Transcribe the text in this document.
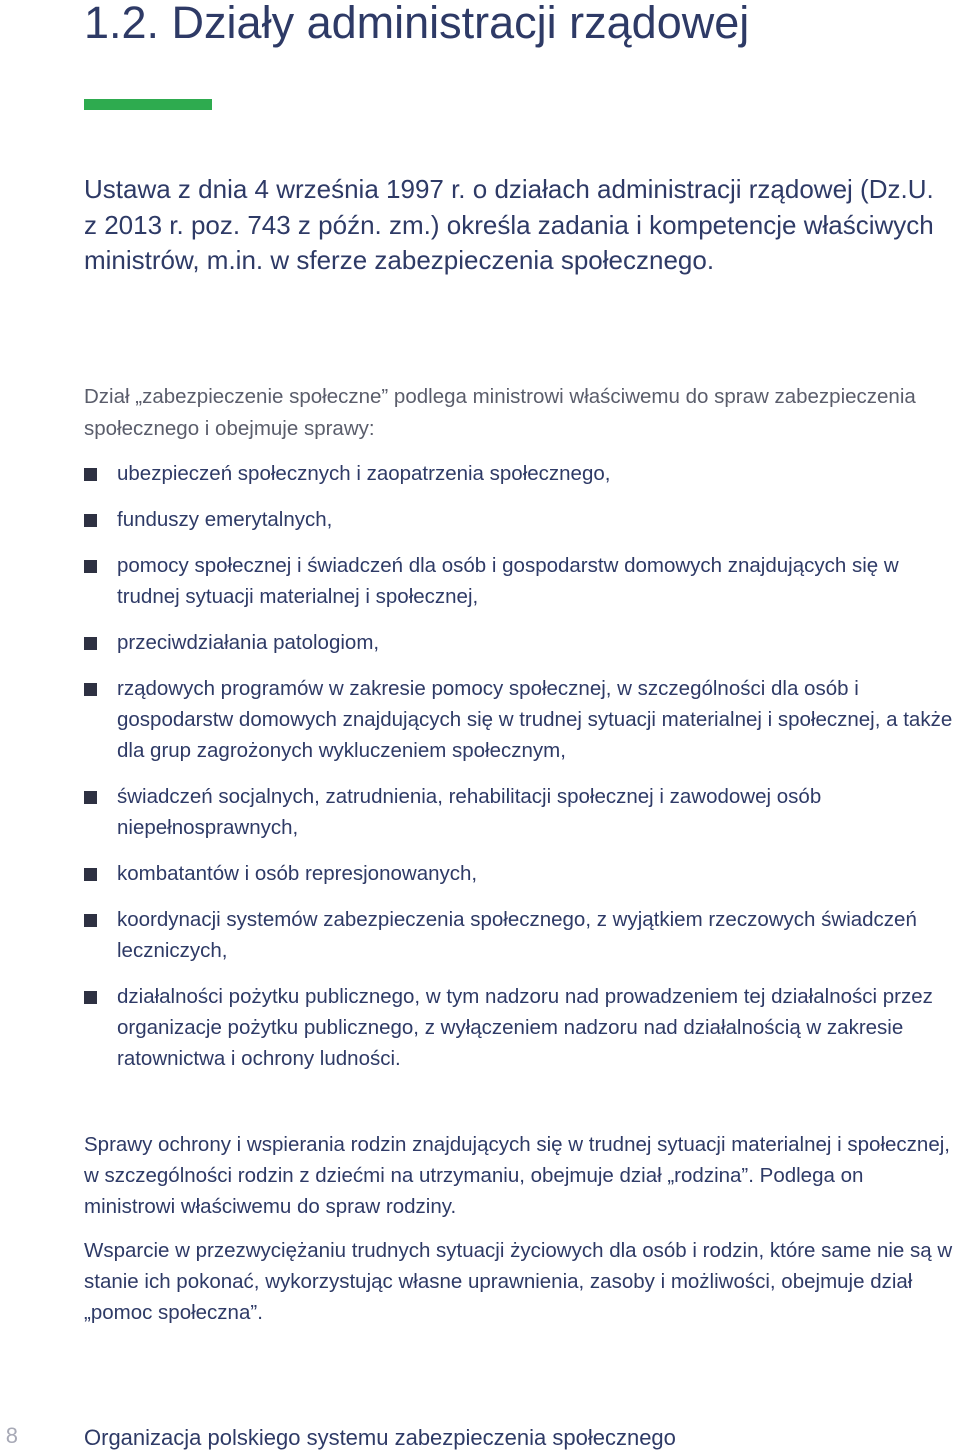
1.2. Działy administracji rządowej

Ustawa z dnia 4 września 1997 r. o działach administracji rządowej (Dz.U. z 2013 r. poz. 743 z późn. zm.) określa zadania i kompetencje właściwych ministrów, m.in. w sferze zabezpieczenia społecznego.

Dział „zabezpieczenie społeczne” podlega ministrowi właściwemu do spraw zabezpieczenia społecznego i obejmuje sprawy:

ubezpieczeń społecznych i zaopatrzenia społecznego,
funduszy emerytalnych,
pomocy społecznej i świadczeń dla osób i gospodarstw domowych znajdujących się w trudnej sytuacji materialnej i społecznej,
przeciwdziałania patologiom,
rządowych programów w zakresie pomocy społecznej, w szczególności dla osób i gospodarstw domowych znajdujących się w trudnej sytuacji materialnej i społecznej, a także dla grup zagrożonych wykluczeniem społecznym,
świadczeń socjalnych, zatrudnienia, rehabilitacji społecznej i zawodowej osób niepełnosprawnych,
kombatantów i osób represjonowanych,
koordynacji systemów zabezpieczenia społecznego, z wyjątkiem rzeczowych świadczeń leczniczych,
działalności pożytku publicznego, w tym nadzoru nad prowadzeniem tej działalności przez organizacje pożytku publicznego, z wyłączeniem nadzoru nad działalnością w zakresie ratownictwa i ochrony ludności.

Sprawy ochrony i wspierania rodzin znajdujących się w trudnej sytuacji materialnej i społecznej, w szczególności rodzin z dziećmi na utrzymaniu, obejmuje dział „rodzina”. Podlega on ministrowi właściwemu do spraw rodziny.

Wsparcie w przezwyciężaniu trudnych sytuacji życiowych dla osób i rodzin, które same nie są w stanie ich pokonać, wykorzystując własne uprawnienia, zasoby i możliwości, obejmuje dział „pomoc społeczna”.

8	Organizacja polskiego systemu zabezpieczenia społecznego
